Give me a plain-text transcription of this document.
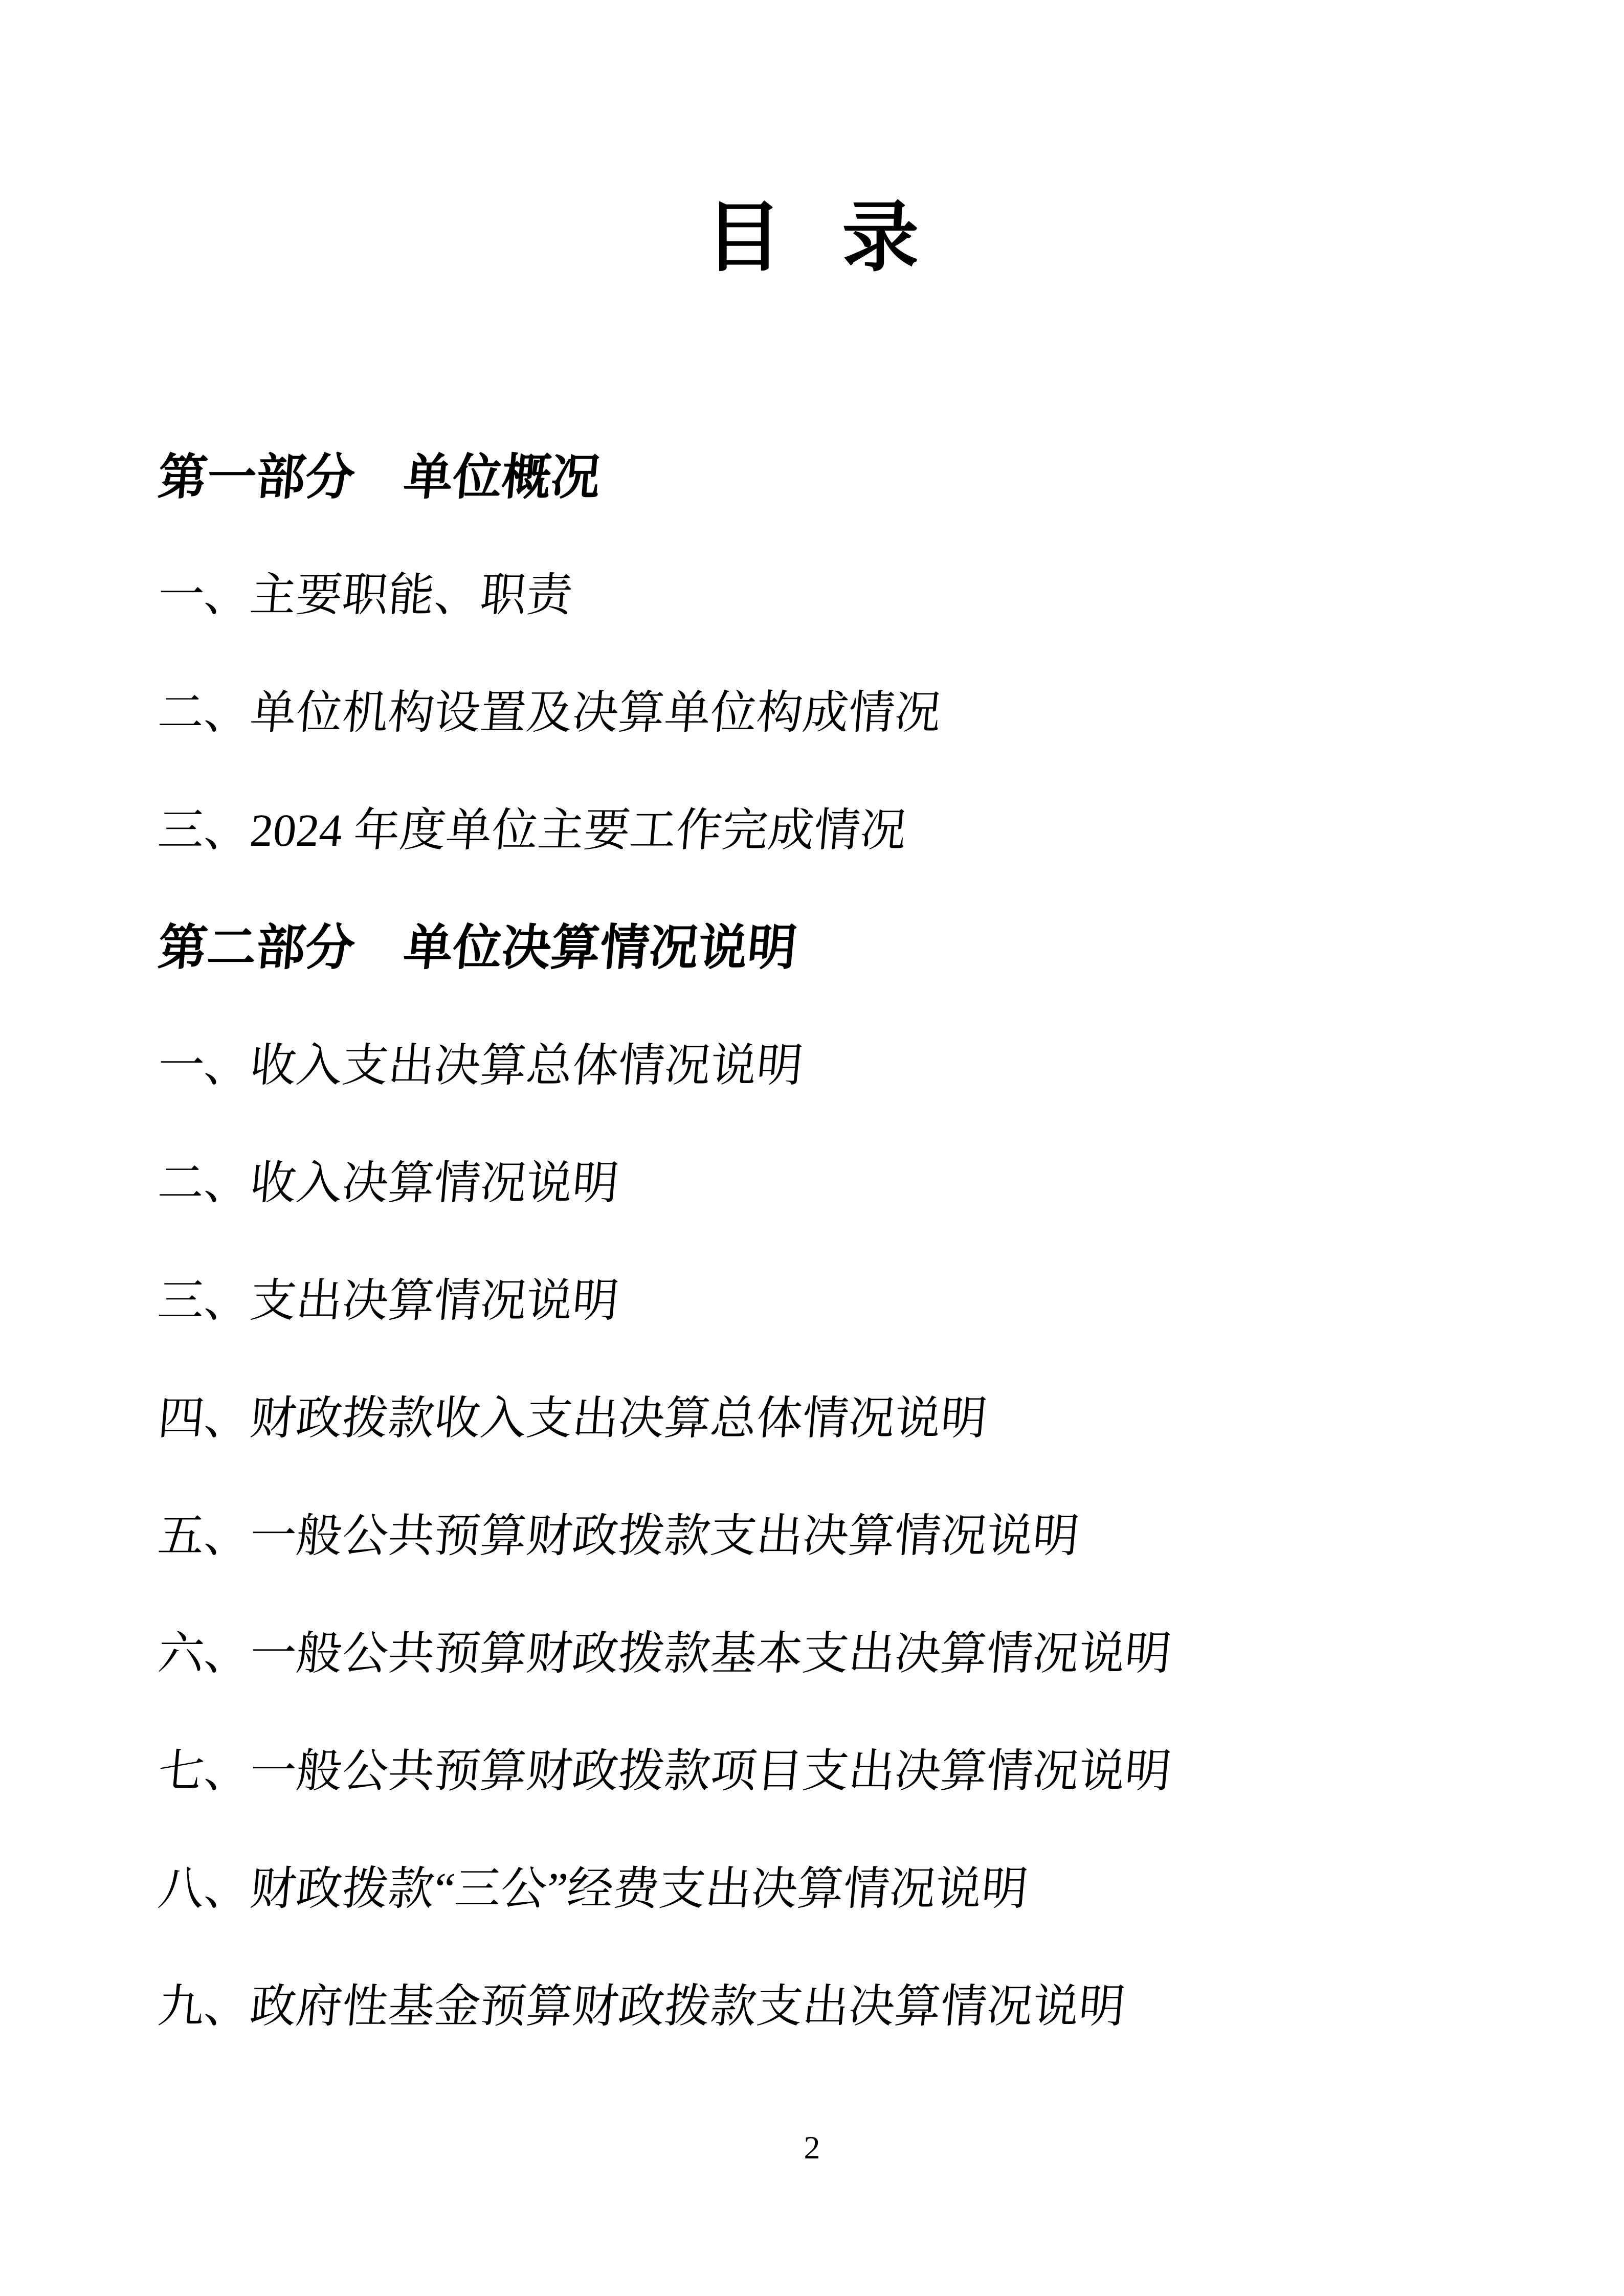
目 录
第一部分　单位概况
一、主要职能、职责
二、单位机构设置及决算单位构成情况
三、2024 年度单位主要工作完成情况
第二部分　单位决算情况说明
一、收入支出决算总体情况说明
二、收入决算情况说明
三、支出决算情况说明
四、财政拨款收入支出决算总体情况说明
五、一般公共预算财政拨款支出决算情况说明
六、一般公共预算财政拨款基本支出决算情况说明
七、一般公共预算财政拨款项目支出决算情况说明
八、财政拨款“三公”经费支出决算情况说明
九、政府性基金预算财政拨款支出决算情况说明
2
